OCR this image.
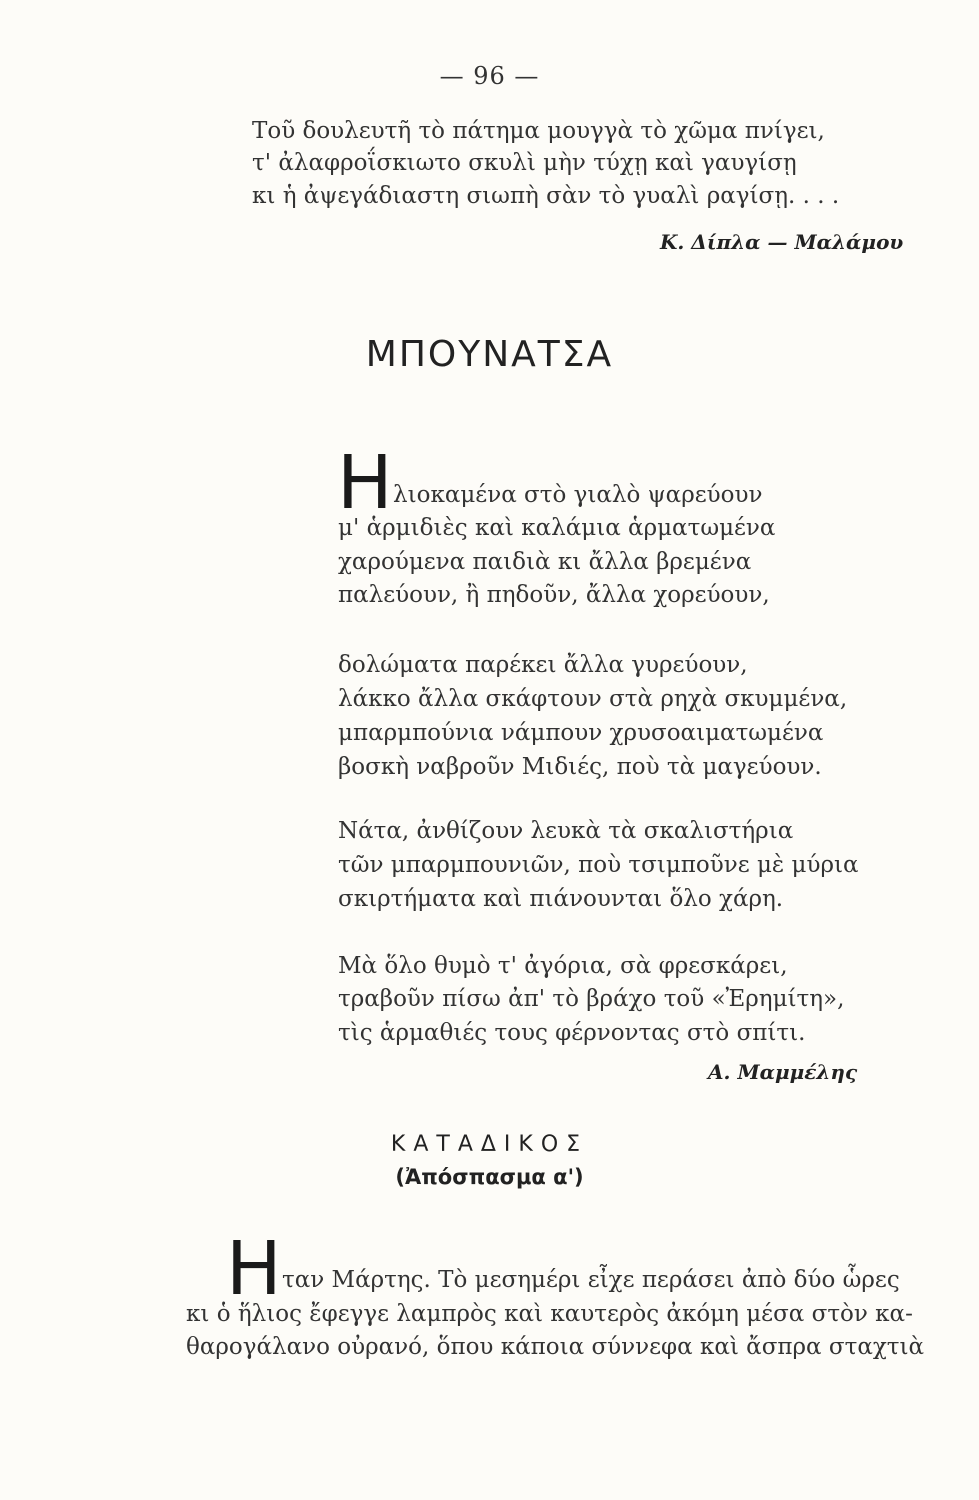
— 96 —
Τοῦ δουλευτῆ τὸ πάτημα μουγγὰ τὸ χῶμα πνίγει,
τ' ἀλαφροΐσκιωτο σκυλὶ μὴν τύχῃ καὶ γαυγίσῃ
κι ἡ ἀψεγάδιαστη σιωπὴ σὰν τὸ γυαλὶ ραγίσῃ. . . .
Κ. Δίπλα — Μαλάμου
ΜΠΟΥΝΑΤΣΑ
Η λιοκαμένα στὸ γιαλὸ ψαρεύουν
μ' ἁρμιδιὲς καὶ καλάμια ἁρματωμένα
χαρούμενα παιδιὰ κι ἄλλα βρεμένα
παλεύουν, ἢ πηδοῦν, ἄλλα χορεύουν,
δολώματα παρέκει ἄλλα γυρεύουν,
λάκκο ἄλλα σκάφτουν στὰ ρηχὰ σκυμμένα,
μπαρμπούνια νάμπουν χρυσοαιματωμένα
βοσκὴ ναβροῦν Μιδιές, ποὺ τὰ μαγεύουν.
Νάτα, ἀνθίζουν λευκὰ τὰ σκαλιστήρια
τῶν μπαρμπουνιῶν, ποὺ τσιμποῦνε μὲ μύρια
σκιρτήματα καὶ πιάνουνται ὅλο χάρη.
Μὰ ὅλο θυμὸ τ' ἀγόρια, σὰ φρεσκάρει,
τραβοῦν πίσω ἀπ' τὸ βράχο τοῦ «Ἐρημίτη»,
τὶς ἁρμαθιές τους φέρνοντας στὸ σπίτι.
Α. Μαμμέλης
ΚΑΤΑΔΙΚΟΣ
(Ἀπόσπασμα α')
Η ταν Μάρτης. Τὸ μεσημέρι εἶχε περάσει ἀπὸ δύο ὧρες
κι ὁ ἥλιος ἔφεγγε λαμπρὸς καὶ καυτερὸς ἀκόμη μέσα στὸν κα-
θαρογάλανο οὐρανό, ὅπου κάποια σύννεφα καὶ ἄσπρα σταχτιὰ
